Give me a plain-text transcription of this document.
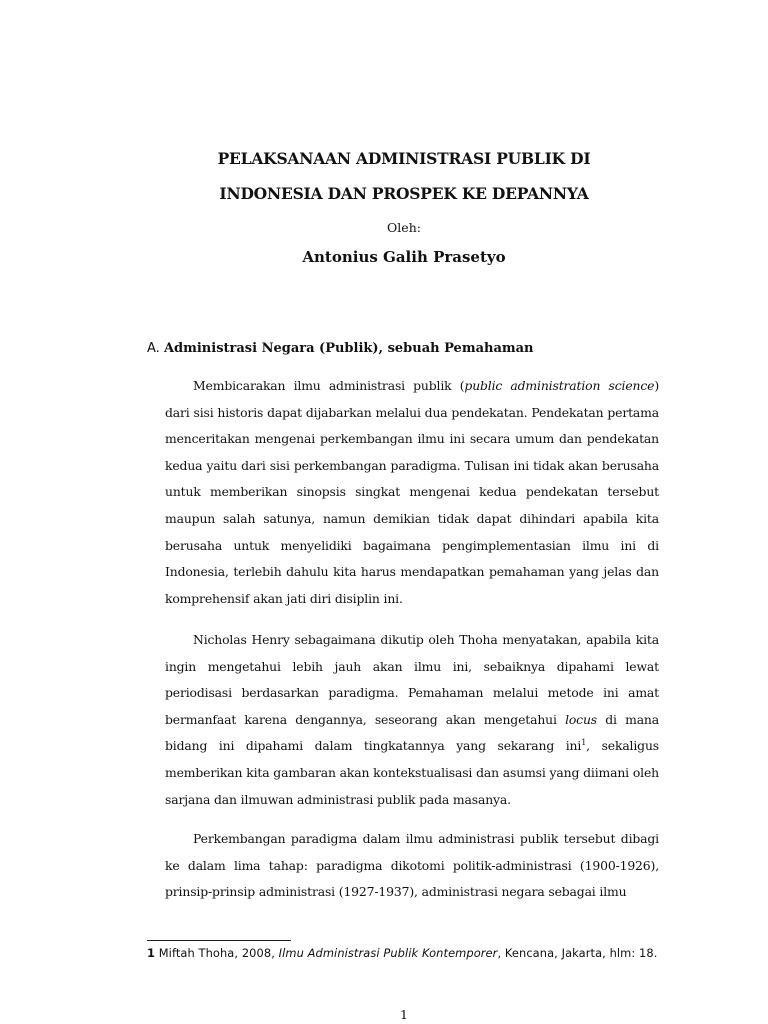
PELAKSANAAN ADMINISTRASI PUBLIK DI
INDONESIA DAN PROSPEK KE DEPANNYA
Oleh:
Antonius Galih Prasetyo
A. Administrasi Negara (Publik), sebuah Pemahaman

Membicarakan ilmu administrasi publik (public administration science) dari sisi historis dapat dijabarkan melalui dua pendekatan. Pendekatan pertama menceritakan mengenai perkembangan ilmu ini secara umum dan pendekatan kedua yaitu dari sisi perkembangan paradigma. Tulisan ini tidak akan berusaha untuk memberikan sinopsis singkat mengenai kedua pendekatan tersebut maupun salah satunya, namun demikian tidak dapat dihindari apabila kita berusaha untuk menyelidiki bagaimana pengimplementasian ilmu ini di Indonesia, terlebih dahulu kita harus mendapatkan pemahaman yang jelas dan komprehensif akan jati diri disiplin ini.

Nicholas Henry sebagaimana dikutip oleh Thoha menyatakan, apabila kita ingin mengetahui lebih jauh akan ilmu ini, sebaiknya dipahami lewat periodisasi berdasarkan paradigma. Pemahaman melalui metode ini amat bermanfaat karena dengannya, seseorang akan mengetahui locus di mana bidang ini dipahami dalam tingkatannya yang sekarang ini$^1$, sekaligus memberikan kita gambaran akan kontekstualisasi dan asumsi yang diimani oleh sarjana dan ilmuwan administrasi publik pada masanya.

Perkembangan paradigma dalam ilmu administrasi publik tersebut dibagi ke dalam lima tahap: paradigma dikotomi politik-administrasi (1900-1926), prinsip-prinsip administrasi (1927-1937), administrasi negara sebagai ilmu

1 Miftah Thoha, 2008, Ilmu Administrasi Publik Kontemporer, Kencana, Jakarta, hlm: 18.

1
